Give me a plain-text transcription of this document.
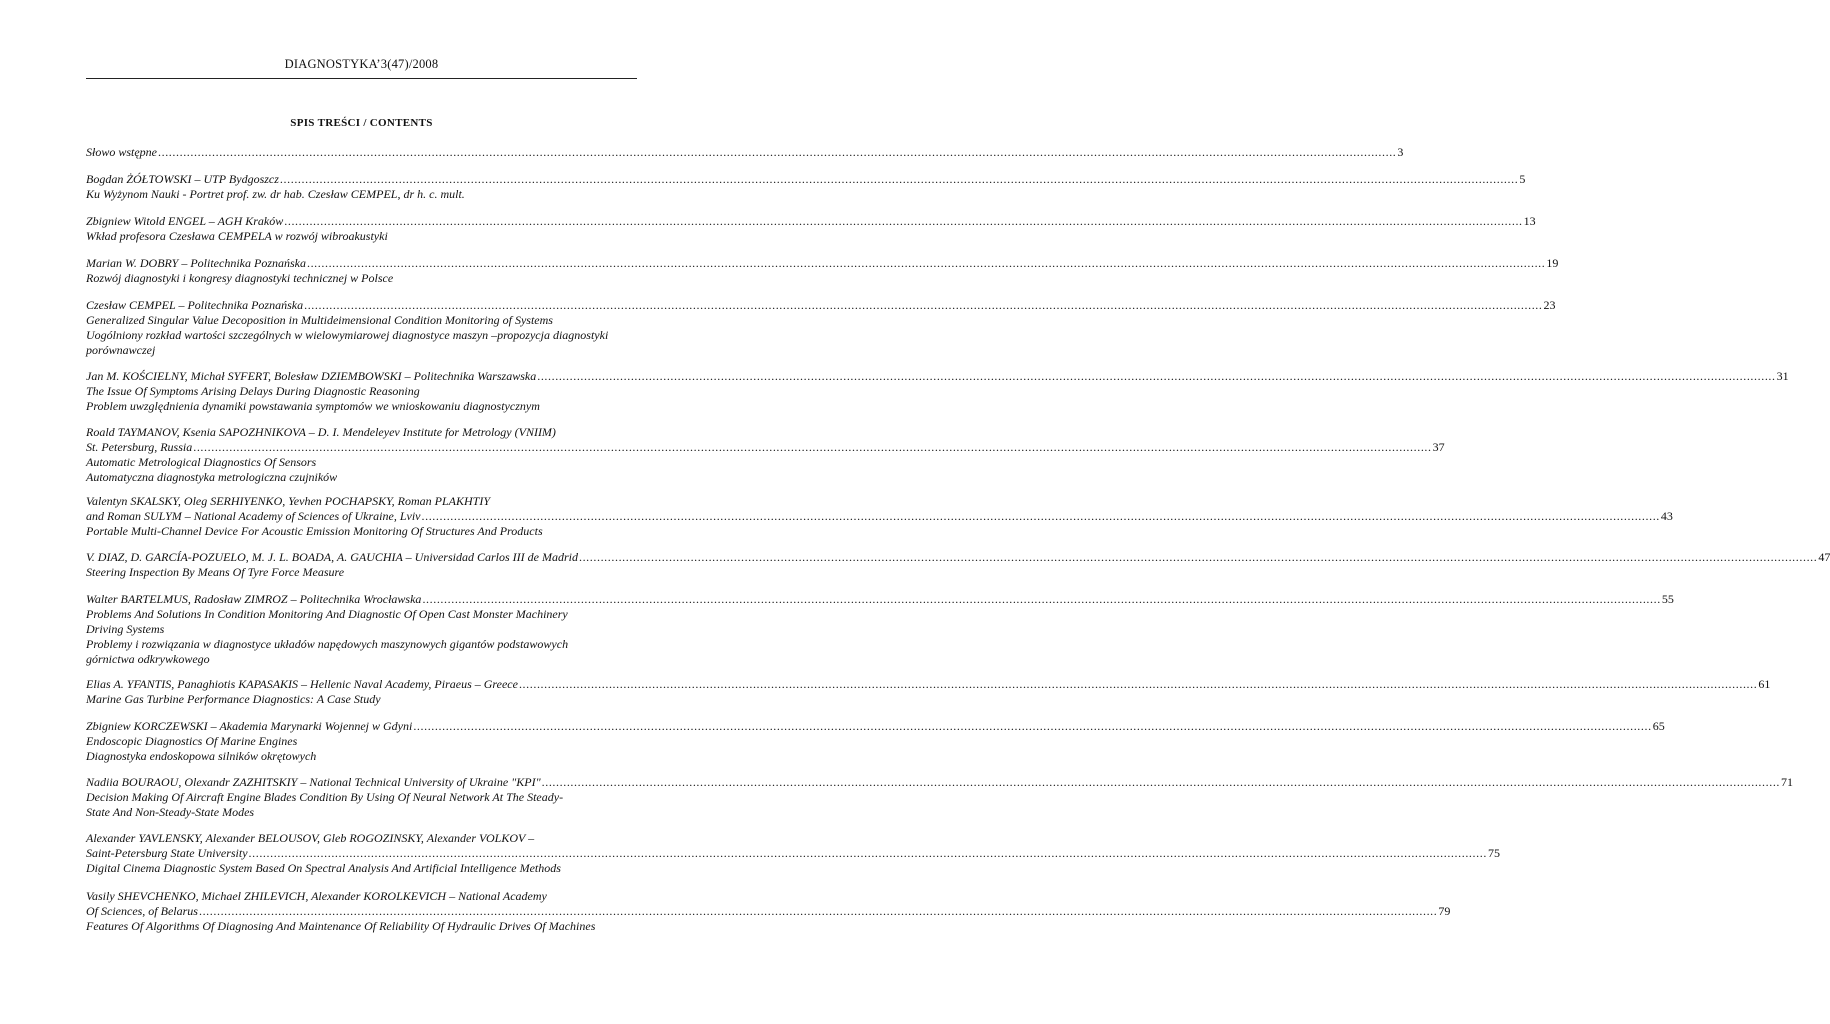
DIAGNOSTYKA’3(47)/2008
SPIS TREŚCI / CONTENTS
Słowo wstępne .....	3
Bogdan ŻÓŁTOWSKI – UTP Bydgoszcz .....	5
Ku Wyżynom Nauki - Portret prof. zw. dr hab. Czesław CEMPEL, dr h. c. mult.
Zbigniew Witold ENGEL – AGH Kraków .....	13
Wkład profesora Czesława CEMPELA w rozwój wibroakustyki
Marian W. DOBRY – Politechnika Poznańska .....	19
Rozwój diagnostyki i kongresy diagnostyki technicznej w Polsce
Czesław CEMPEL – Politechnika Poznańska .....	23
Generalized Singular Value Decoposition in Multideimensional Condition Monitoring of Systems
Uogólniony rozkład wartości szczególnych w wielowymiarowej diagnostyce maszyn –propozycja diagnostyki
porównawczej
Jan M. KOŚCIELNY, Michał SYFERT, Bolesław DZIEMBOWSKI – Politechnika Warszawska .....	31
The Issue Of Symptoms Arising Delays During Diagnostic Reasoning
Problem uwzględnienia dynamiki powstawania symptomów we wnioskowaniu diagnostycznym
Roald TAYMANOV, Ksenia SAPOZHNIKOVA – D. I. Mendeleyev Institute for Metrology (VNIIM)
St. Petersburg, Russia .....	37
Automatic Metrological Diagnostics Of Sensors
Automatyczna diagnostyka metrologiczna czujników
Valentyn SKALSKY, Oleg SERHIYENKO, Yevhen POCHAPSKY, Roman PLAKHTIY
and Roman SULYM – National Academy of Sciences of Ukraine, Lviv .....	43
Portable Multi-Channel Device For Acoustic Emission Monitoring Of Structures And Products
V. DIAZ, D. GARCÍA-POZUELO, M. J. L. BOADA, A. GAUCHIA – Universidad Carlos III de Madrid .....	47
Steering Inspection By Means Of Tyre Force Measure
Walter BARTELMUS, Radosław ZIMROZ – Politechnika Wrocławska .....	55
Problems And Solutions In Condition Monitoring And Diagnostic Of Open Cast Monster Machinery
Driving Systems
Problemy i rozwiązania w diagnostyce układów napędowych maszynowych gigantów podstawowych
górnictwa odkrywkowego
Elias A. YFANTIS, Panaghiotis KAPASAKIS – Hellenic Naval Academy, Piraeus – Greece .....	61
Marine Gas Turbine Performance Diagnostics: A Case Study
Zbigniew KORCZEWSKI – Akademia Marynarki Wojennej w Gdyni .....	65
Endoscopic Diagnostics Of Marine Engines
Diagnostyka endoskopowa silników okrętowych
Nadiia BOURAOU, Olexandr ZAZHITSKIY – National Technical University of Ukraine "KPI" .....	71
Decision Making Of Aircraft Engine Blades Condition By Using Of Neural Network At The Steady-
State And Non-Steady-State Modes
Alexander YAVLENSKY, Alexander BELOUSOV, Gleb ROGOZINSKY, Alexander VOLKOV –
Saint-Petersburg State University .....	75
Digital Cinema Diagnostic System Based On Spectral Analysis And Artificial Intelligence Methods
Vasily SHEVCHENKO, Michael ZHILEVICH, Alexander KOROLKEVICH – National Academy
Of Sciences, of Belarus .....	79
Features Of Algorithms Of Diagnosing And Maintenance Of Reliability Of Hydraulic Drives Of Machines
